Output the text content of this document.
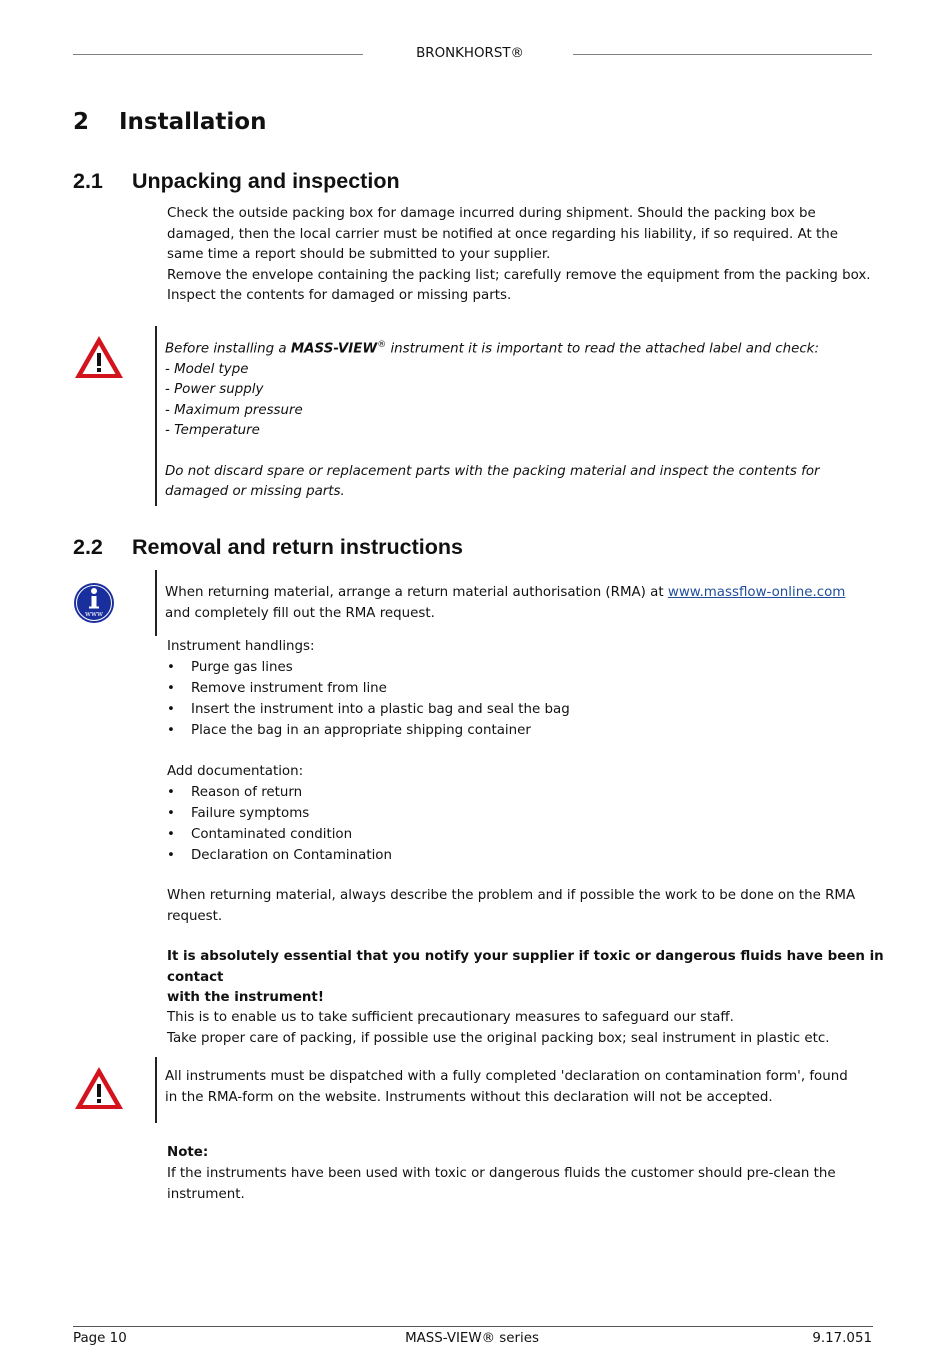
BRONKHORST®
2 Installation
2.1 Unpacking and inspection
Check the outside packing box for damage incurred during shipment. Should the packing box be
damaged, then the local carrier must be notified at once regarding his liability, if so required. At the
same time a report should be submitted to your supplier.
Remove the envelope containing the packing list; carefully remove the equipment from the packing box.
Inspect the contents for damaged or missing parts.
Before installing a MASS-VIEW® instrument it is important to read the attached label and check:
- Model type
- Power supply
- Maximum pressure
- Temperature
Do not discard spare or replacement parts with the packing material and inspect the contents for
damaged or missing parts.
2.2 Removal and return instructions
www
When returning material, arrange a return material authorisation (RMA) at www.massflow-online.com
and completely fill out the RMA request.
Instrument handlings:
• Purge gas lines
• Remove instrument from line
• Insert the instrument into a plastic bag and seal the bag
• Place the bag in an appropriate shipping container
Add documentation:
• Reason of return
• Failure symptoms
• Contaminated condition
• Declaration on Contamination
When returning material, always describe the problem and if possible the work to be done on the RMA
request.
It is absolutely essential that you notify your supplier if toxic or dangerous fluids have been in contact
with the instrument!
This is to enable us to take sufficient precautionary measures to safeguard our staff.
Take proper care of packing, if possible use the original packing box; seal instrument in plastic etc.
All instruments must be dispatched with a fully completed 'declaration on contamination form', found
in the RMA-form on the website. Instruments without this declaration will not be accepted.
Note:
If the instruments have been used with toxic or dangerous fluids the customer should pre-clean the
instrument.
Page 10	MASS-VIEW® series	9.17.051
